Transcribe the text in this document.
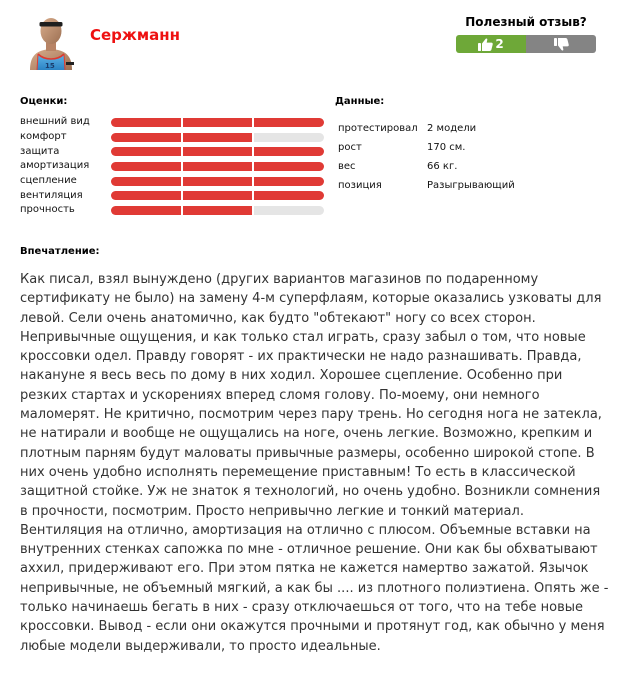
15
Сержманн
Полезный отзыв?
2
Оценки:
внешний вид
комфорт
защита
амортизация
сцепление
вентиляция
прочность
Данные:
протестировал	2 модели
рост	170 см.
вес	66 кг.
позиция	Разыгрывающий
Впечатление:

Как писал, взял вынуждено (других вариантов магазинов по подаренному сертификату не было) на замену 4-м суперфлаям, которые оказались узковаты для левой. Сели очень анатомично, как будто "обтекают" ногу со всех сторон. Непривычные ощущения, и как только стал играть, сразу забыл о том, что новые кроссовки одел. Правду говорят - их практически не надо разнашивать. Правда, накануне я весь весь по дому в них ходил. Хорошее сцепление. Особенно при резких стартах и ускорениях вперед сломя голову. По-моему, они немного маломерят. Не критично, посмотрим через пару трень. Но сегодня нога не затекла, не натирали и вообще не ощущались на ноге, очень легкие. Возможно, крепким и плотным парням будут маловаты привычные размеры, особенно широкой стопе. В них очень удобно исполнять перемещение приставным! То есть в классической защитной стойке. Уж не знаток я технологий, но очень удобно. Возникли сомнения в прочности, посмотрим. Просто непривычно легкие и тонкий материал. Вентиляция на отлично, амортизация на отлично с плюсом. Объемные вставки на внутренних стенках сапожка по мне - отличное решение. Они как бы обхватывают аххил, придерживают его. При этом пятка не кажется намертво зажатой. Язычок непривычные, не объемный мягкий, а как бы .... из плотного полиэтиена. Опять же - только начинаешь бегать в них - сразу отключаешься от того, что на тебе новые кроссовки. Вывод - если они окажутся прочными и протянут год, как обычно у меня любые модели выдерживали, то просто идеальные.
